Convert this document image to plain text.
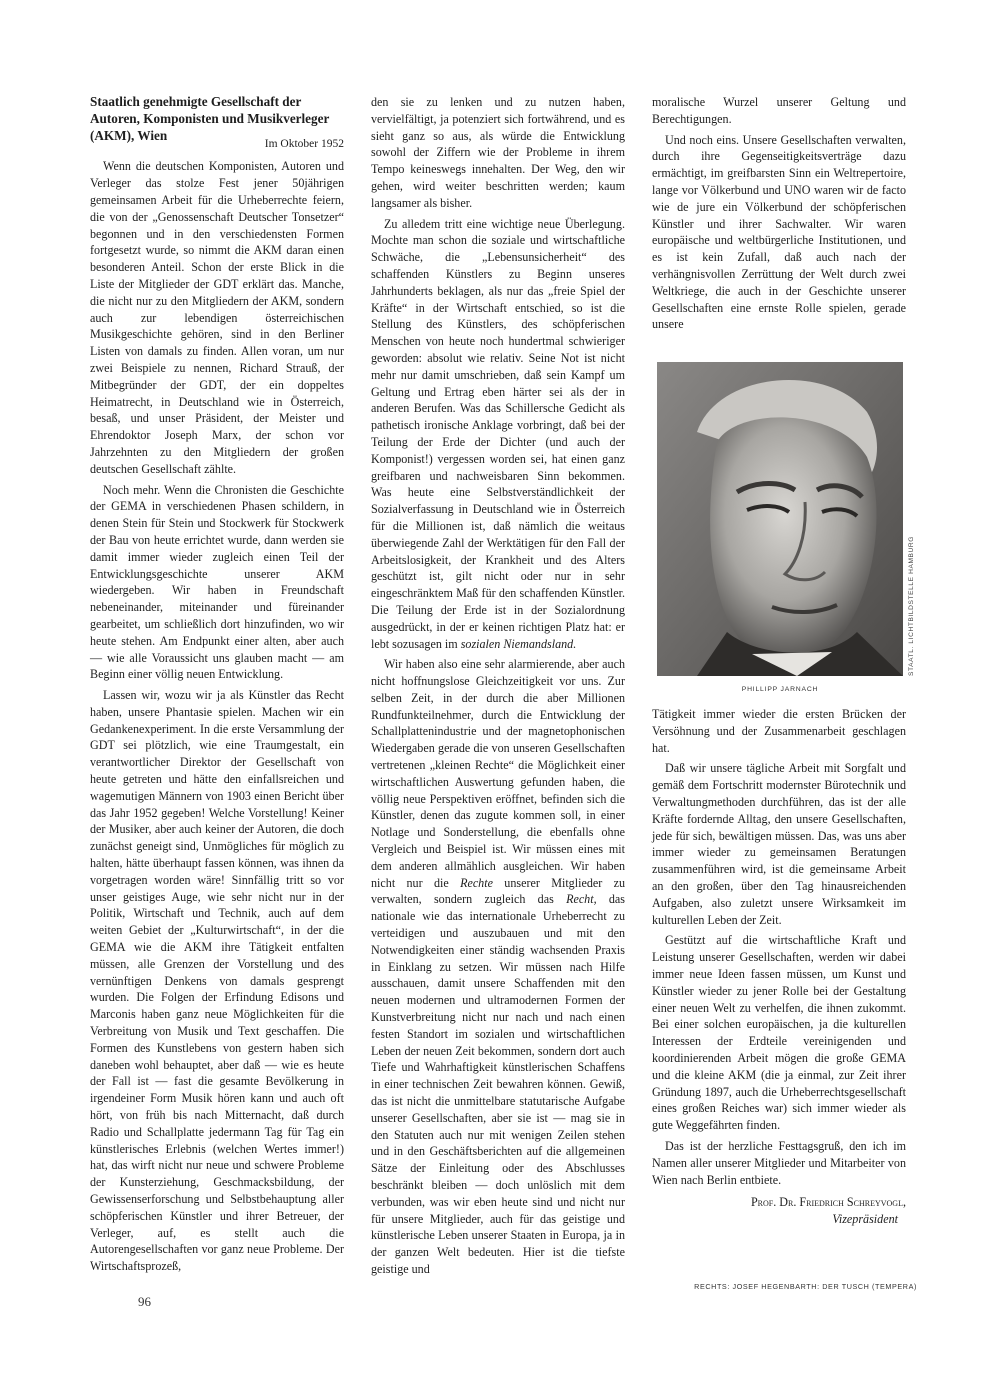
Staatlich genehmigte Gesellschaft der Autoren, Komponisten und Musikverleger (AKM), Wien
Im Oktober 1952

Wenn die deutschen Komponisten, Autoren und Verleger das stolze Fest jener 50jährigen gemeinsamen Arbeit für die Urheberrechte feiern, die von der „Genossenschaft Deutscher Tonsetzer“ begonnen und in den verschiedensten Formen fortgesetzt wurde, so nimmt die AKM daran einen besonderen Anteil. Schon der erste Blick in die Liste der Mitglieder der GDT erklärt das. Manche, die nicht nur zu den Mitgliedern der AKM, sondern auch zur lebendigen österreichischen Musikgeschichte gehören, sind in den Berliner Listen von damals zu finden. Allen voran, um nur zwei Beispiele zu nennen, Richard Strauß, der Mitbegründer der GDT, der ein doppeltes Heimatrecht, in Deutschland wie in Österreich, besaß, und unser Präsident, der Meister und Ehrendoktor Joseph Marx, der schon vor Jahrzehnten zu den Mitgliedern der großen deutschen Gesellschaft zählte.

Noch mehr. Wenn die Chronisten die Geschichte der GEMA in verschiedenen Phasen schildern, in denen Stein für Stein und Stockwerk für Stockwerk der Bau von heute errichtet wurde, dann werden sie damit immer wieder zugleich einen Teil der Entwicklungsgeschichte unserer AKM wiedergeben. Wir haben in Freundschaft nebeneinander, miteinander und füreinander gearbeitet, um schließlich dort hinzufinden, wo wir heute stehen. Am Endpunkt einer alten, aber auch — wie alle Voraussicht uns glauben macht — am Beginn einer völlig neuen Entwicklung.

Lassen wir, wozu wir ja als Künstler das Recht haben, unsere Phantasie spielen. Machen wir ein Gedankenexperiment. In die erste Versammlung der GDT sei plötzlich, wie eine Traumgestalt, ein verantwortlicher Direktor der Gesellschaft von heute getreten und hätte den einfallsreichen und wagemutigen Männern von 1903 einen Bericht über das Jahr 1952 gegeben! Welche Vorstellung! Keiner der Musiker, aber auch keiner der Autoren, die doch zunächst geneigt sind, Unmögliches für möglich zu halten, hätte überhaupt fassen können, was ihnen da vorgetragen worden wäre! Sinnfällig tritt so vor unser geistiges Auge, wie sehr nicht nur in der Politik, Wirtschaft und Technik, auch auf dem weiten Gebiet der „Kulturwirtschaft“, in der die GEMA wie die AKM ihre Tätigkeit entfalten müssen, alle Grenzen der Vorstellung und des vernünftigen Denkens von damals gesprengt wurden. Die Folgen der Erfindung Edisons und Marconis haben ganz neue Möglichkeiten für die Verbreitung von Musik und Text geschaffen. Die Formen des Kunstlebens von gestern haben sich daneben wohl behauptet, aber daß — wie es heute der Fall ist — fast die gesamte Bevölkerung in irgendeiner Form Musik hören kann und auch oft hört, von früh bis nach Mitternacht, daß durch Radio und Schallplatte jedermann Tag für Tag ein künstlerisches Erlebnis (welchen Wertes immer!) hat, das wirft nicht nur neue und schwere Probleme der Kunsterziehung, Geschmacksbildung, der Gewissenserforschung und Selbstbehauptung aller schöpferischen Künstler und ihrer Betreuer, der Verleger, auf, es stellt auch die Autorengesellschaften vor ganz neue Probleme. Der Wirtschaftsprozeß,

den sie zu lenken und zu nutzen haben, vervielfältigt, ja potenziert sich fortwährend, und es sieht ganz so aus, als würde die Entwicklung sowohl der Ziffern wie der Probleme in ihrem Tempo keineswegs innehalten. Der Weg, den wir gehen, wird weiter beschritten werden; kaum langsamer als bisher.

Zu alledem tritt eine wichtige neue Überlegung. Mochte man schon die soziale und wirtschaftliche Schwäche, die „Lebensunsicherheit“ des schaffenden Künstlers zu Beginn unseres Jahrhunderts beklagen, als nur das „freie Spiel der Kräfte“ in der Wirtschaft entschied, so ist die Stellung des Künstlers, des schöpferischen Menschen von heute noch hundertmal schwieriger geworden: absolut wie relativ. Seine Not ist nicht mehr nur damit umschrieben, daß sein Kampf um Geltung und Ertrag eben härter sei als der in anderen Berufen. Was das Schillersche Gedicht als pathetisch ironische Anklage vorbringt, daß bei der Teilung der Erde der Dichter (und auch der Komponist!) vergessen worden sei, hat einen ganz greifbaren und nachweisbaren Sinn bekommen. Was heute eine Selbstverständlichkeit der Sozialverfassung in Deutschland wie in Österreich für die Millionen ist, daß nämlich die weitaus überwiegende Zahl der Werktätigen für den Fall der Arbeitslosigkeit, der Krankheit und des Alters geschützt ist, gilt nicht oder nur in sehr eingeschränktem Maß für den schaffenden Künstler. Die Teilung der Erde ist in der Sozialordnung ausgedrückt, in der er keinen richtigen Platz hat: er lebt sozusagen im sozialen Niemandsland.

Wir haben also eine sehr alarmierende, aber auch nicht hoffnungslose Gleichzeitigkeit vor uns. Zur selben Zeit, in der durch die aber Millionen Rundfunkteilnehmer, durch die Entwicklung der Schallplattenindustrie und der magnetophonischen Wiedergaben gerade die von unseren Gesellschaften vertretenen „kleinen Rechte“ die Möglichkeit einer wirtschaftlichen Auswertung gefunden haben, die völlig neue Perspektiven eröffnet, befinden sich die Künstler, denen das zugute kommen soll, in einer Notlage und Sonderstellung, die ebenfalls ohne Vergleich und Beispiel ist. Wir müssen eines mit dem anderen allmählich ausgleichen. Wir haben nicht nur die Rechte unserer Mitglieder zu verwalten, sondern zugleich das Recht, das nationale wie das internationale Urheberrecht zu verteidigen und auszubauen und mit den Notwendigkeiten einer ständig wachsenden Praxis in Einklang zu setzen. Wir müssen nach Hilfe ausschauen, damit unsere Schaffenden mit den neuen modernen und ultramodernen Formen der Kunstverbreitung nicht nur nach und nach einen festen Standort im sozialen und wirtschaftlichen Leben der neuen Zeit bekommen, sondern dort auch Tiefe und Wahrhaftigkeit künstlerischen Schaffens in einer technischen Zeit bewahren können. Gewiß, das ist nicht die unmittelbare statutarische Aufgabe unserer Gesellschaften, aber sie ist — mag sie in den Statuten auch nur mit wenigen Zeilen stehen und in den Geschäftsberichten auf die allgemeinen Sätze der Einleitung oder des Abschlusses beschränkt bleiben — doch unlöslich mit dem verbunden, was wir eben heute sind und nicht nur für unsere Mitglieder, auch für das geistige und künstlerische Leben unserer Staaten in Europa, ja in der ganzen Welt bedeuten. Hier ist die tiefste geistige und

moralische Wurzel unserer Geltung und Berechtigungen.

Und noch eins. Unsere Gesellschaften verwalten, durch ihre Gegenseitigkeitsverträge dazu ermächtigt, im greifbarsten Sinn ein Weltrepertoire, lange vor Völkerbund und UNO waren wir de facto wie de jure ein Völkerbund der schöpferischen Künstler und ihrer Sachwalter. Wir waren europäische und weltbürgerliche Institutionen, und es ist kein Zufall, daß auch nach der verhängnisvollen Zerrüttung der Welt durch zwei Weltkriege, die auch in der Geschichte unserer Gesellschaften eine ernste Rolle spielen, gerade unsere

STAATL. LICHTBILDSTELLE HAMBURG
PHILLIPP JARNACH

Tätigkeit immer wieder die ersten Brücken der Versöhnung und der Zusammenarbeit geschlagen hat.

Daß wir unsere tägliche Arbeit mit Sorgfalt und gemäß dem Fortschritt modernster Bürotechnik und Verwaltungmethoden durchführen, das ist der alle Kräfte fordernde Alltag, den unsere Gesellschaften, jede für sich, bewältigen müssen. Das, was uns aber immer wieder zu gemeinsamen Beratungen zusammenführen wird, ist die gemeinsame Arbeit an den großen, über den Tag hinausreichenden Aufgaben, also zuletzt unsere Wirksamkeit im kulturellen Leben der Zeit.

Gestützt auf die wirtschaftliche Kraft und Leistung unserer Gesellschaften, werden wir dabei immer neue Ideen fassen müssen, um Kunst und Künstler wieder zu jener Rolle bei der Gestaltung einer neuen Welt zu verhelfen, die ihnen zukommt. Bei einer solchen europäischen, ja die kulturellen Interessen der Erdteile vereinigenden und koordinierenden Arbeit mögen die große GEMA und die kleine AKM (die ja einmal, zur Zeit ihrer Gründung 1897, auch die Urheberrechtsgesellschaft eines großen Reiches war) sich immer wieder als gute Weggefährten finden.

Das ist der herzliche Festtagsgruß, den ich im Namen aller unserer Mitglieder und Mitarbeiter von Wien nach Berlin entbiete.

Prof. Dr. Friedrich Schreyvogl,
Vizepräsident
RECHTS: JOSEF HEGENBARTH: DER TUSCH (TEMPERA)
96
